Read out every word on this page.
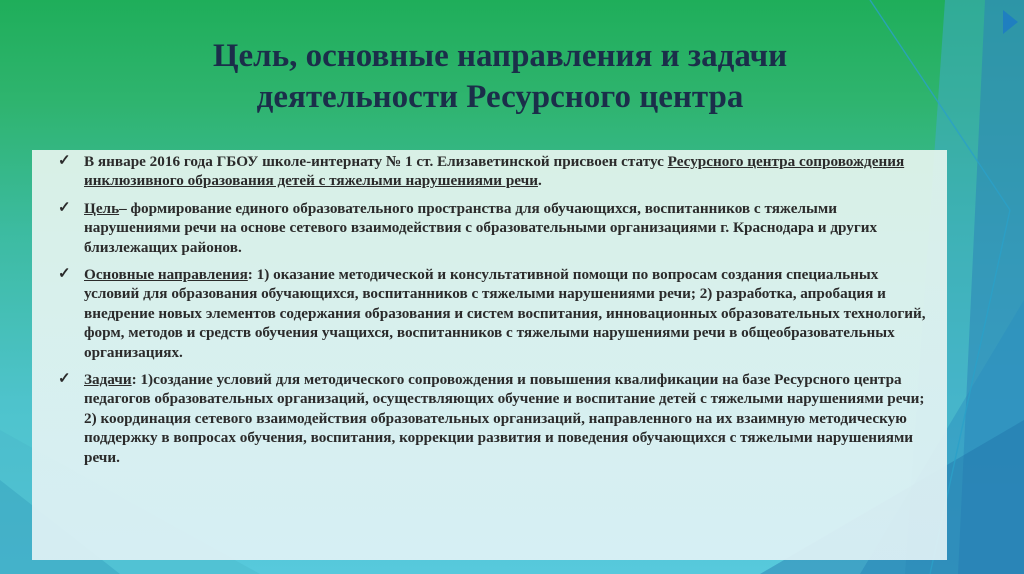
Цель, основные направления и задачи
деятельности Ресурсного центра
✓ В январе 2016 года ГБОУ школе-интернату № 1 ст. Елизаветинской присвоен статус Ресурсного центра сопровождения инклюзивного образования детей с тяжелыми нарушениями речи.
✓ Цель– формирование единого образовательного пространства для обучающихся, воспитанников с тяжелыми нарушениями речи на основе сетевого взаимодействия с образовательными организациями г. Краснодара и других близлежащих районов.
✓ Основные направления: 1) оказание методической и консультативной помощи по вопросам создания специальных условий для образования обучающихся, воспитанников с тяжелыми нарушениями речи; 2) разработка, апробация и внедрение новых элементов содержания образования и систем воспитания, инновационных образовательных технологий, форм, методов и средств обучения учащихся, воспитанников с тяжелыми нарушениями речи в общеобразовательных организациях.
✓ Задачи: 1)создание условий для методического сопровождения и повышения квалификации на базе Ресурсного центра педагогов образовательных организаций, осуществляющих обучение и воспитание детей с тяжелыми нарушениями речи; 2) координация сетевого взаимодействия образовательных организаций, направленного на их взаимную методическую поддержку в вопросах обучения, воспитания, коррекции развития и поведения обучающихся с тяжелыми нарушениями речи.
